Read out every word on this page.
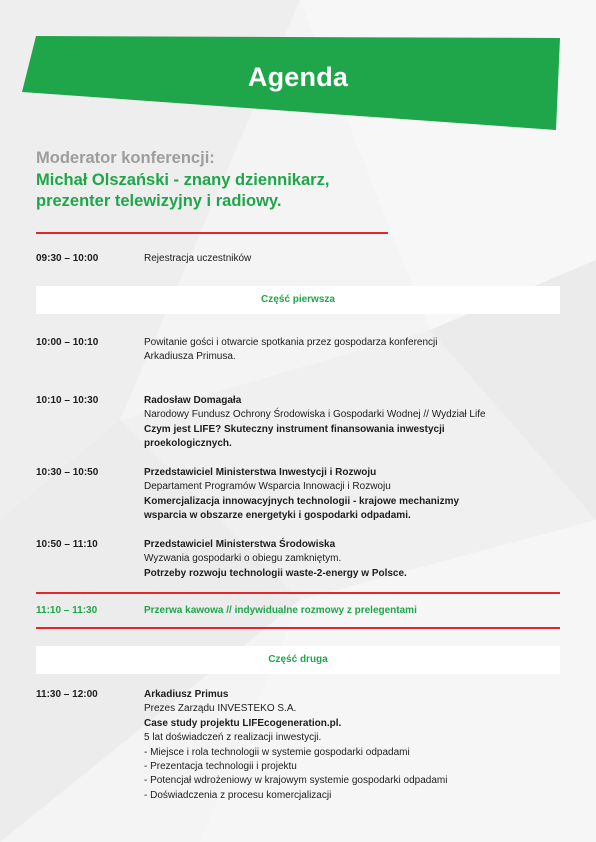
Agenda
Moderator konferencji:
Michał Olszański - znany dziennikarz,
prezenter telewizyjny i radiowy.
09:30 – 10:00	Rejestracja uczestników
Część pierwsza
10:00 – 10:10	Powitanie gości i otwarcie spotkania przez gospodarza konferencji
Arkadiusza Primusa.
10:10 – 10:30	Radosław Domagała
Narodowy Fundusz Ochrony Środowiska i Gospodarki Wodnej // Wydział Life
Czym jest LIFE? Skuteczny instrument finansowania inwestycji
proekologicznych.
10:30 – 10:50	Przedstawiciel Ministerstwa Inwestycji i Rozwoju
Departament Programów Wsparcia Innowacji i Rozwoju
Komercjalizacja innowacyjnych technologii - krajowe mechanizmy
wsparcia w obszarze energetyki i gospodarki odpadami.
10:50 – 11:10	Przedstawiciel Ministerstwa Środowiska
Wyzwania gospodarki o obiegu zamkniętym.
Potrzeby rozwoju technologii waste-2-energy w Polsce.
11:10 – 11:30	Przerwa kawowa // indywidualne rozmowy z prelegentami
Część druga
11:30 – 12:00	Arkadiusz Primus
Prezes Zarządu INVESTEKO S.A.
Case study projektu LIFEcogeneration.pl.
5 lat doświadczeń z realizacji inwestycji.
- Miejsce i rola technologii w systemie gospodarki odpadami
- Prezentacja technologii i projektu
- Potencjał wdrożeniowy w krajowym systemie gospodarki odpadami
- Doświadczenia z procesu komercjalizacji
